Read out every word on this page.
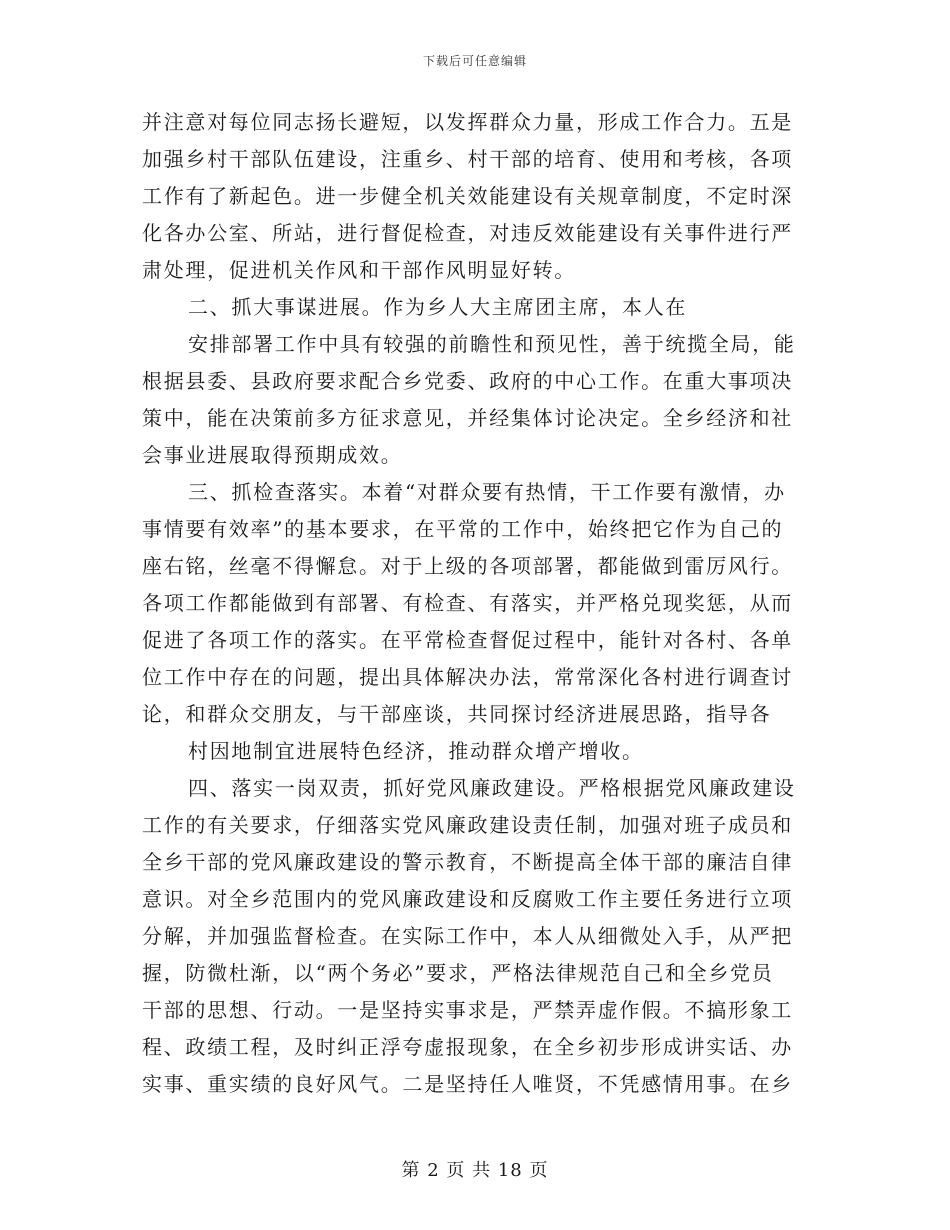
下载后可任意编辑
并注意对每位同志扬长避短，以发挥群众力量，形成工作合力。五是
加强乡村干部队伍建设，注重乡、村干部的培育、使用和考核，各项
工作有了新起色。进一步健全机关效能建设有关规章制度，不定时深
化各办公室、所站，进行督促检查，对违反效能建设有关事件进行严
肃处理，促进机关作风和干部作风明显好转。
二、抓大事谋进展。作为乡人大主席团主席，本人在
安排部署工作中具有较强的前瞻性和预见性，善于统揽全局，能
根据县委、县政府要求配合乡党委、政府的中心工作。在重大事项决
策中，能在决策前多方征求意见，并经集体讨论决定。全乡经济和社
会事业进展取得预期成效。
三、抓检查落实。本着“对群众要有热情，干工作要有激情，办
事情要有效率”的基本要求，在平常的工作中，始终把它作为自己的
座右铭，丝毫不得懈怠。对于上级的各项部署，都能做到雷厉风行。
各项工作都能做到有部署、有检查、有落实，并严格兑现奖惩，从而
促进了各项工作的落实。在平常检查督促过程中，能针对各村、各单
位工作中存在的问题，提出具体解决办法，常常深化各村进行调查讨
论，和群众交朋友，与干部座谈，共同探讨经济进展思路，指导各
村因地制宜进展特色经济，推动群众增产增收。
四、落实一岗双责，抓好党风廉政建设。严格根据党风廉政建设
工作的有关要求，仔细落实党风廉政建设责任制，加强对班子成员和
全乡干部的党风廉政建设的警示教育，不断提高全体干部的廉洁自律
意识。对全乡范围内的党风廉政建设和反腐败工作主要任务进行立项
分解，并加强监督检查。在实际工作中，本人从细微处入手，从严把
握，防微杜渐，以“两个务必”要求，严格法律规范自己和全乡党员
干部的思想、行动。一是坚持实事求是，严禁弄虚作假。不搞形象工
程、政绩工程，及时纠正浮夸虚报现象，在全乡初步形成讲实话、办
实事、重实绩的良好风气。二是坚持任人唯贤，不凭感情用事。在乡
第 2 页 共 18 页
